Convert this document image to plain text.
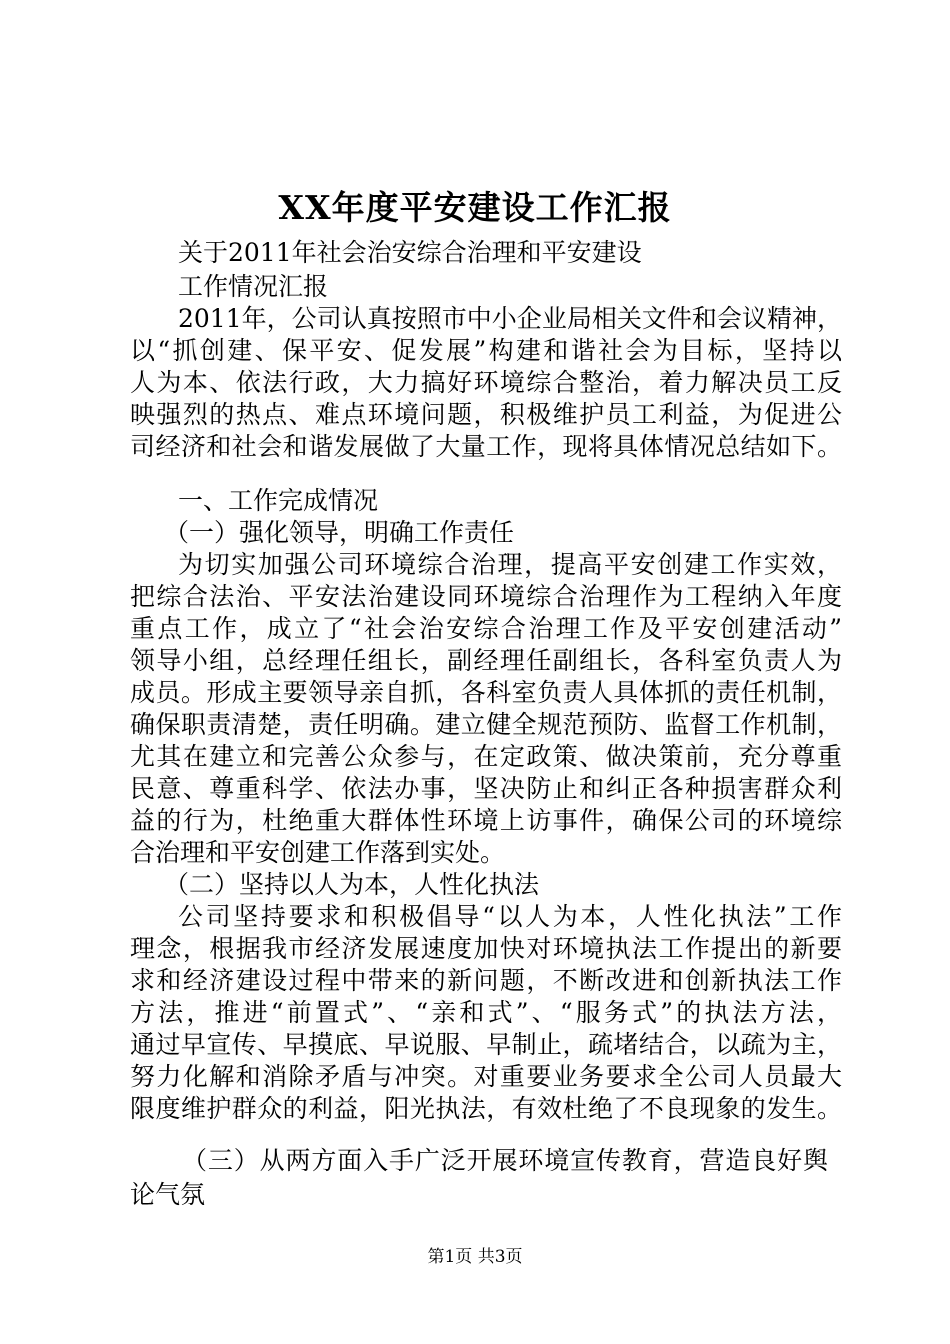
XX年度平安建设工作汇报
关于2011年社会治安综合治理和平安建设
工作情况汇报
2011年，公司认真按照市中小企业局相关文件和会议精神，
以“抓创建、保平安、促发展”构建和谐社会为目标，坚持以
人为本、依法行政，大力搞好环境综合整治，着力解决员工反
映强烈的热点、难点环境问题，积极维护员工利益，为促进公
司经济和社会和谐发展做了大量工作，现将具体情况总结如下。
一、工作完成情况
（一）强化领导，明确工作责任
为切实加强公司环境综合治理，提高平安创建工作实效，
把综合法治、平安法治建设同环境综合治理作为工程纳入年度
重点工作，成立了“社会治安综合治理工作及平安创建活动”
领导小组，总经理任组长，副经理任副组长，各科室负责人为
成员。形成主要领导亲自抓，各科室负责人具体抓的责任机制，
确保职责清楚，责任明确。建立健全规范预防、监督工作机制，
尤其在建立和完善公众参与，在定政策、做决策前，充分尊重
民意、尊重科学、依法办事，坚决防止和纠正各种损害群众利
益的行为，杜绝重大群体性环境上访事件，确保公司的环境综
合治理和平安创建工作落到实处。
（二）坚持以人为本，人性化执法
公司坚持要求和积极倡导“以人为本，人性化执法”工作
理念，根据我市经济发展速度加快对环境执法工作提出的新要
求和经济建设过程中带来的新问题，不断改进和创新执法工作
方法，推进“前置式”、“亲和式”、“服务式”的执法方法，
通过早宣传、早摸底、早说服、早制止，疏堵结合，以疏为主，
努力化解和消除矛盾与冲突。对重要业务要求全公司人员最大
限度维护群众的利益，阳光执法，有效杜绝了不良现象的发生。
（三）从两方面入手广泛开展环境宣传教育，营造良好舆
论气氛
第1页 共3页
